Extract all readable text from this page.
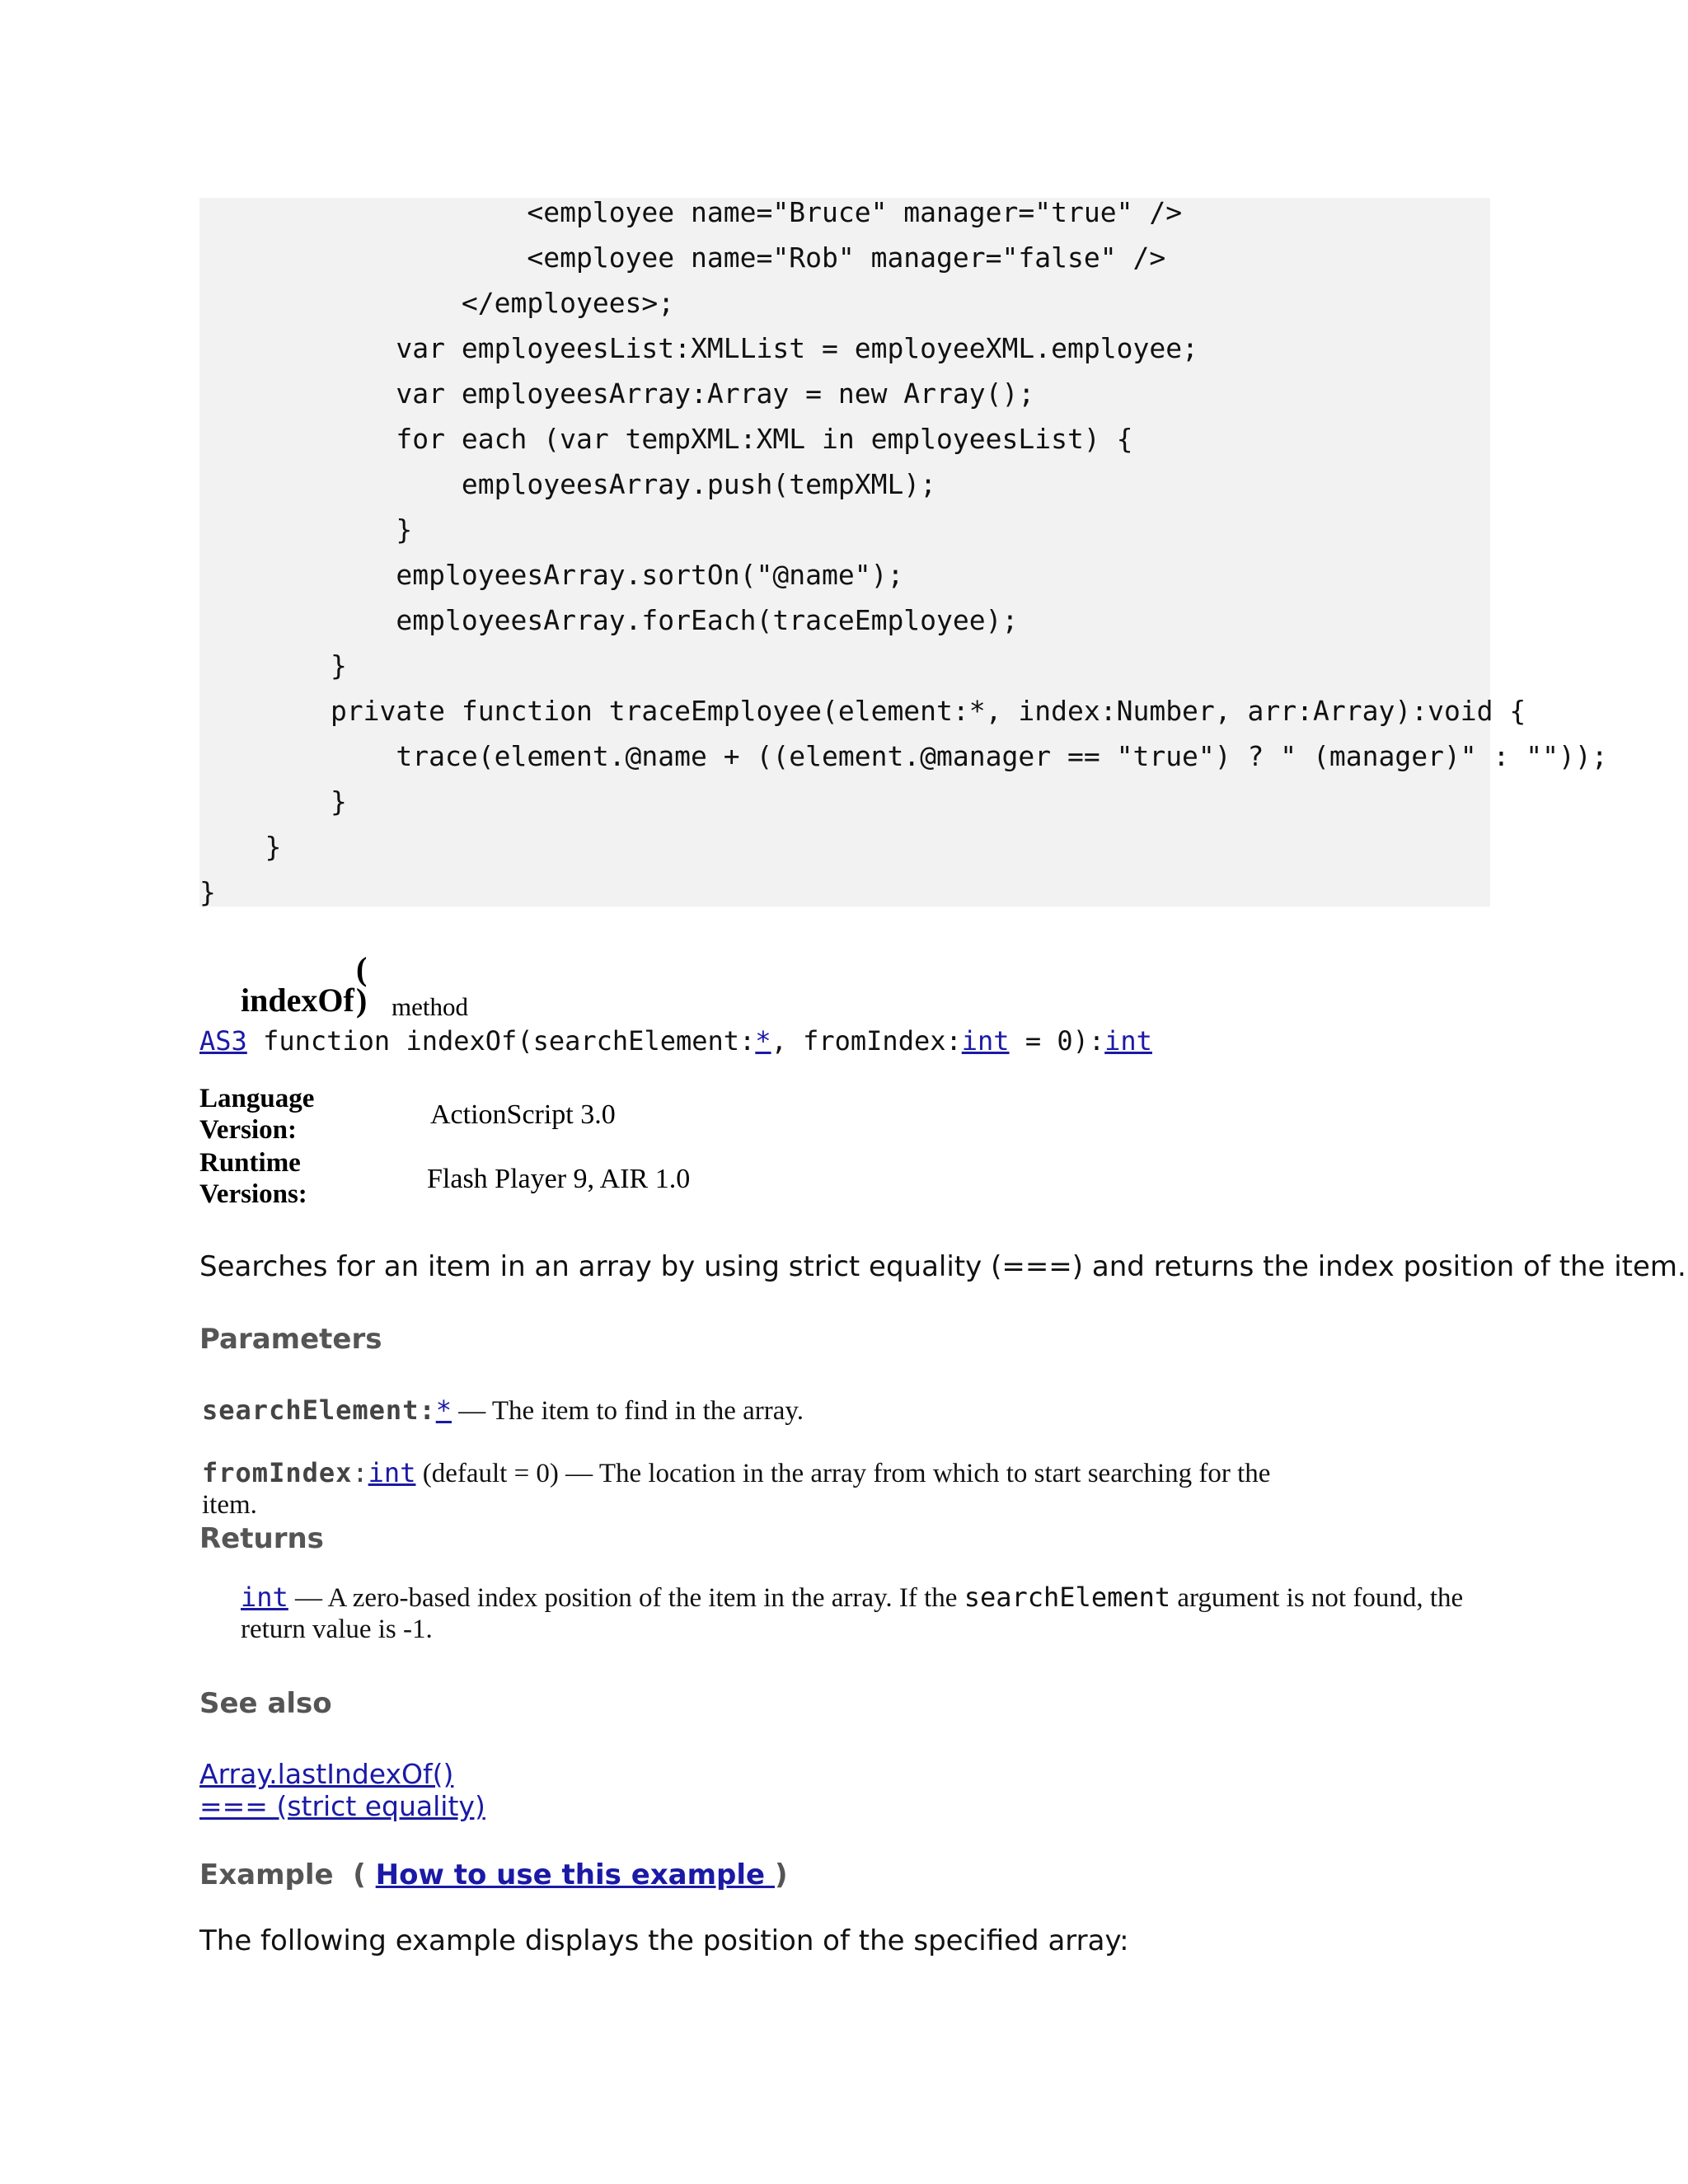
<employee name="Bruce" manager="true" />
<employee name="Rob" manager="false" />
</employees>;
var employeesList:XMLList = employeeXML.employee;
var employeesArray:Array = new Array();
for each (var tempXML:XML in employeesList) {
employeesArray.push(tempXML);
}
employeesArray.sortOn("@name");
employeesArray.forEach(traceEmployee);
}
private function traceEmployee(element:*, index:Number, arr:Array):void {
trace(element.@name + ((element.@manager == "true") ? " (manager)" : ""));
}
}
}
(
indexOf ) method
AS3 function indexOf(searchElement:*, fromIndex:int = 0):int
Language
Version:	ActionScript 3.0
Runtime
Versions:	Flash Player 9, AIR 1.0
Searches for an item in an array by using strict equality (===) and returns the index position of the item.
Parameters
searchElement:* — The item to find in the array.
fromIndex:int (default = 0) — The location in the array from which to start searching for the
item.
Returns
int — A zero-based index position of the item in the array. If the searchElement argument is not found, the
return value is -1.
See also
Array.lastIndexOf()
=== (strict equality)
Example  ( How to use this example )
The following example displays the position of the specified array:
